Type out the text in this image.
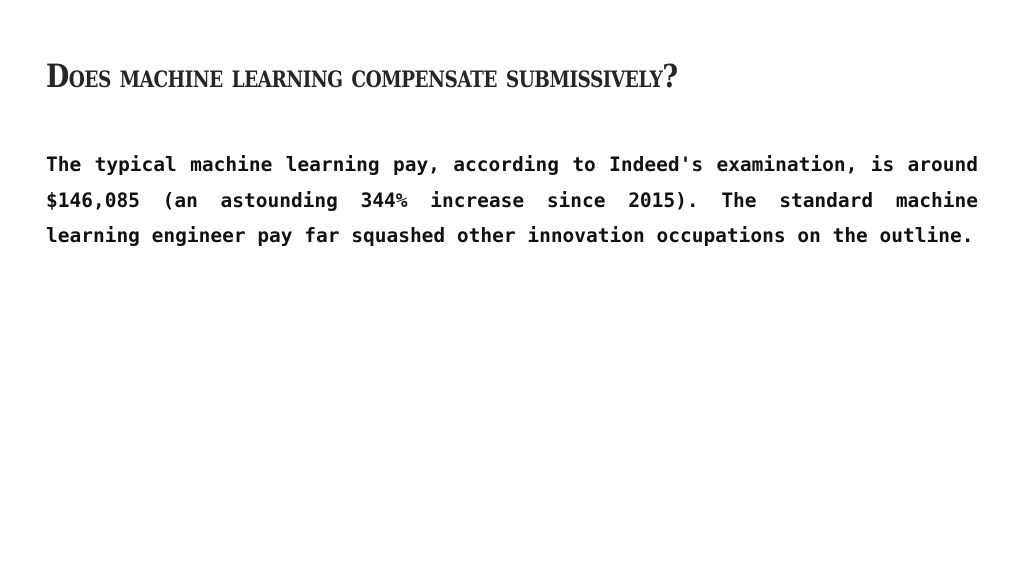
Does machine learning compensate submissively?

The typical machine learning pay, according to Indeed's examination, is around $146,085 (an astounding 344% increase since 2015). The standard machine learning engineer pay far squashed other innovation occupations on the outline.
